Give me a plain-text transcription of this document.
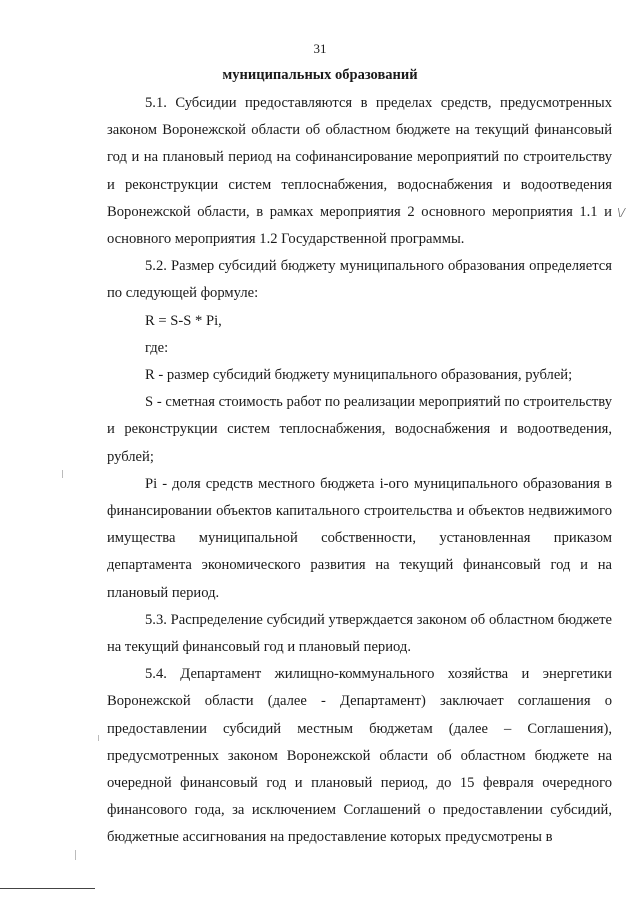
31
муниципальных образований

5.1. Субсидии предоставляются в пределах средств, предусмотренных законом Воронежской области об областном бюджете на текущий финансовый год и на плановый период на софинансирование мероприятий по строительству и реконструкции систем теплоснабжения, водоснабжения и водоотведения Воронежской области, в рамках мероприятия 2 основного мероприятия 1.1 и основного мероприятия 1.2 Государственной программы.

5.2. Размер субсидий бюджету муниципального образования определяется по следующей формуле:

R = S-S * Pi,

где:

R - размер субсидий бюджету муниципального образования, рублей;

S - сметная стоимость работ по реализации мероприятий по строительству и реконструкции систем теплоснабжения, водоснабжения и водоотведения, рублей;

Pi - доля средств местного бюджета i-ого муниципального образования в финансировании объектов капитального строительства и объектов недвижимого имущества муниципальной собственности, установленная приказом департамента экономического развития на текущий финансовый год и на плановый период.

5.3. Распределение субсидий утверждается законом об областном бюджете на текущий финансовый год и плановый период.

5.4. Департамент жилищно-коммунального хозяйства и энергетики Воронежской области (далее - Департамент) заключает соглашения о предоставлении субсидий местным бюджетам (далее – Соглашения), предусмотренных законом Воронежской области об областном бюджете на очередной финансовый год и плановый период, до 15 февраля очередного финансового года, за исключением Соглашений о предоставлении субсидий, бюджетные ассигнования на предоставление которых предусмотрены в

\/
